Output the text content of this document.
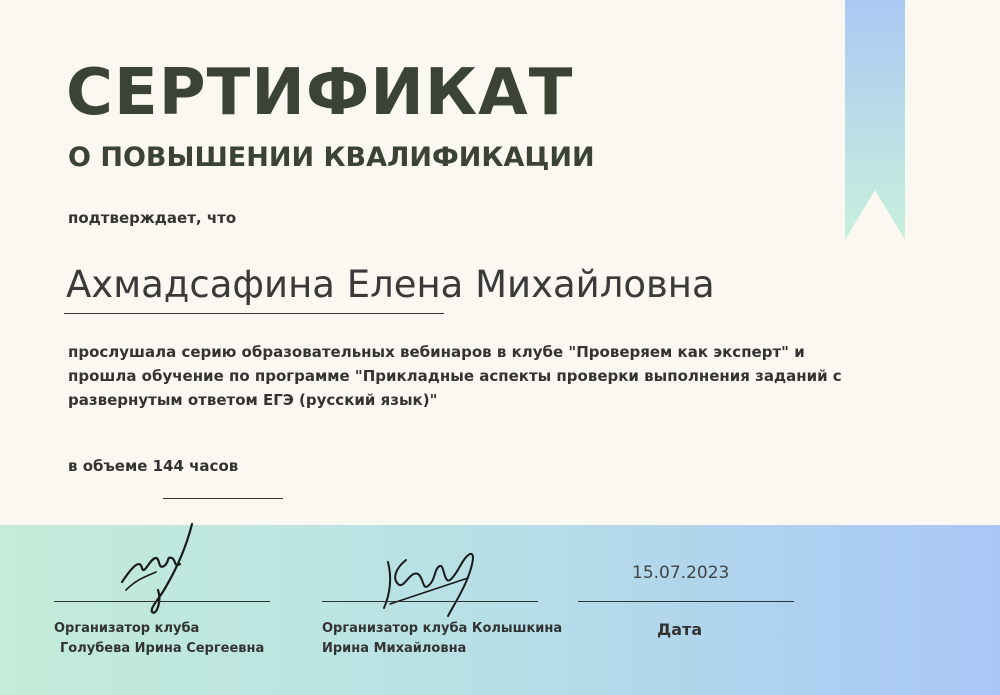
СЕРТИФИКАТ
О ПОВЫШЕНИИ КВАЛИФИКАЦИИ
подтверждает, что
Ахмадсафина Елена Михайловна

прослушала серию образовательных вебинаров в клубе "Проверяем как эксперт" и

прошла обучение по программе "Прикладные аспекты проверки выполнения заданий с

развернутым ответом ЕГЭ (русский язык)"

в объеме 144 часов
Организатор клуба
Голубева Ирина Сергеевна
Организатор клуба Колышкина
Ирина Михайловна
15.07.2023
Дата
